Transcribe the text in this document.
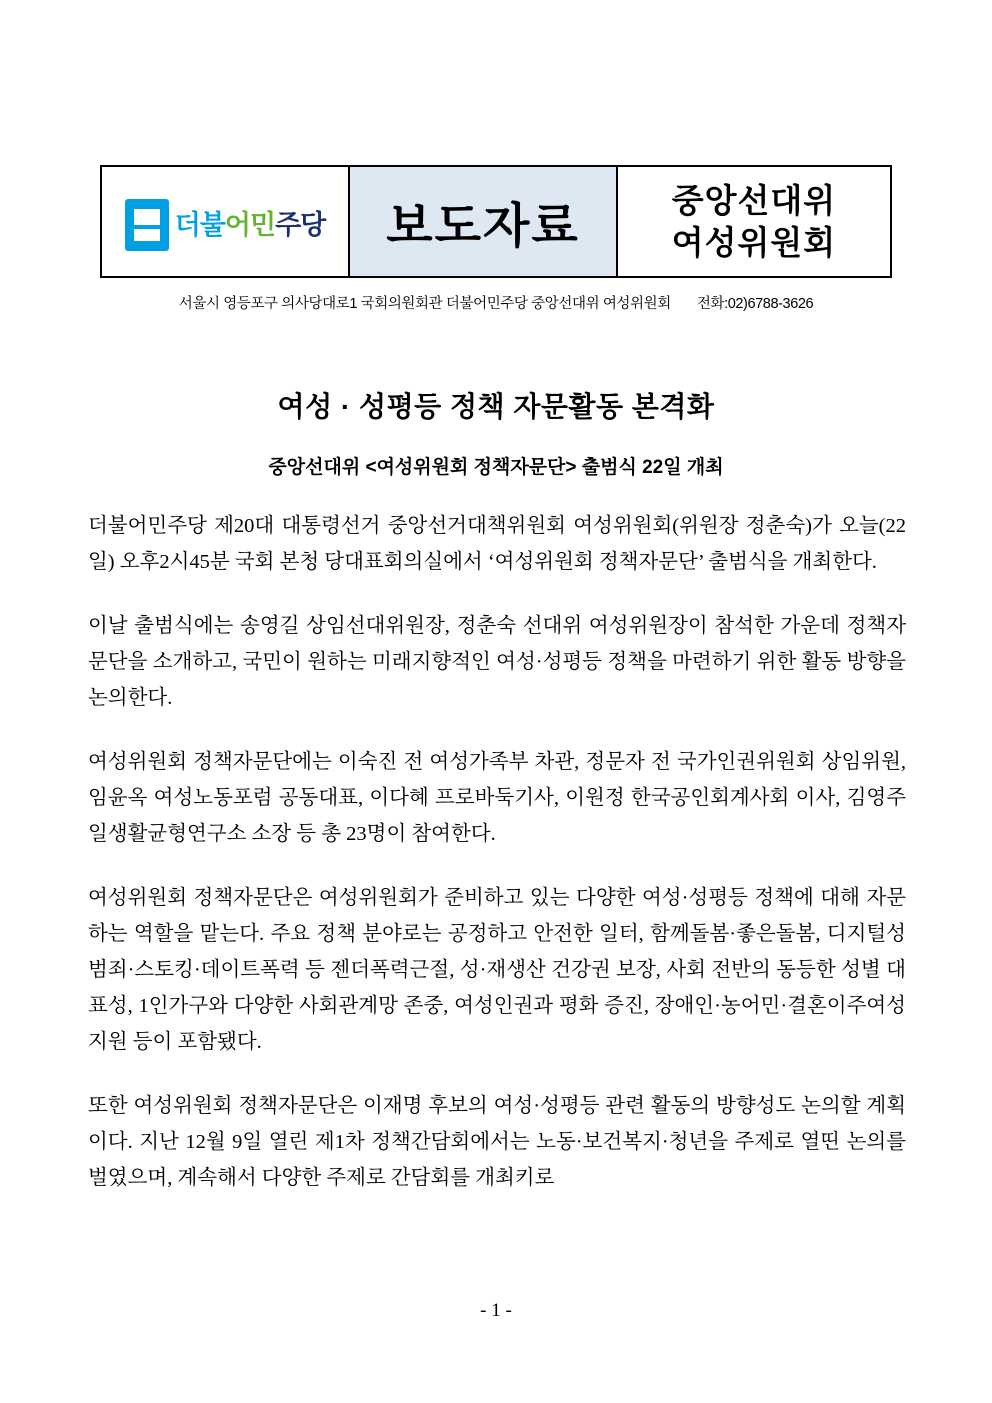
더불어민주당	보도자료	중앙선대위
여성위원회
서울시 영등포구 의사당대로1 국회의원회관 더불어민주당 중앙선대위 여성위원회 전화:02)6788-3626
여성 · 성평등 정책 자문활동 본격화
중앙선대위 <여성위원회 정책자문단> 출범식 22일 개최

더불어민주당 제20대 대통령선거 중앙선거대책위원회 여성위원회(위원장 정춘숙)가 오늘(22일) 오후2시45분 국회 본청 당대표회의실에서 ‘여성위원회 정책자문단’ 출범식을 개최한다.

이날 출범식에는 송영길 상임선대위원장, 정춘숙 선대위 여성위원장이 참석한 가운데 정책자문단을 소개하고, 국민이 원하는 미래지향적인 여성·성평등 정책을 마련하기 위한 활동 방향을 논의한다.

여성위원회 정책자문단에는 이숙진 전 여성가족부 차관, 정문자 전 국가인권위원회 상임위원, 임윤옥 여성노동포럼 공동대표, 이다혜 프로바둑기사, 이원정 한국공인회계사회 이사, 김영주 일생활균형연구소 소장 등 총 23명이 참여한다.

여성위원회 정책자문단은 여성위원회가 준비하고 있는 다양한 여성·성평등 정책에 대해 자문하는 역할을 맡는다. 주요 정책 분야로는 공정하고 안전한 일터, 함께돌봄·좋은돌봄, 디지털성범죄·스토킹·데이트폭력 등 젠더폭력근절, 성·재생산 건강권 보장, 사회 전반의 동등한 성별 대표성, 1인가구와 다양한 사회관계망 존중, 여성인권과 평화 증진, 장애인·농어민·결혼이주여성 지원 등이 포함됐다.

또한 여성위원회 정책자문단은 이재명 후보의 여성·성평등 관련 활동의 방향성도 논의할 계획이다. 지난 12월 9일 열린 제1차 정책간담회에서는 노동·보건복지·청년을 주제로 열띤 논의를 벌였으며, 계속해서 다양한 주제로 간담회를 개최키로

- 1 -
